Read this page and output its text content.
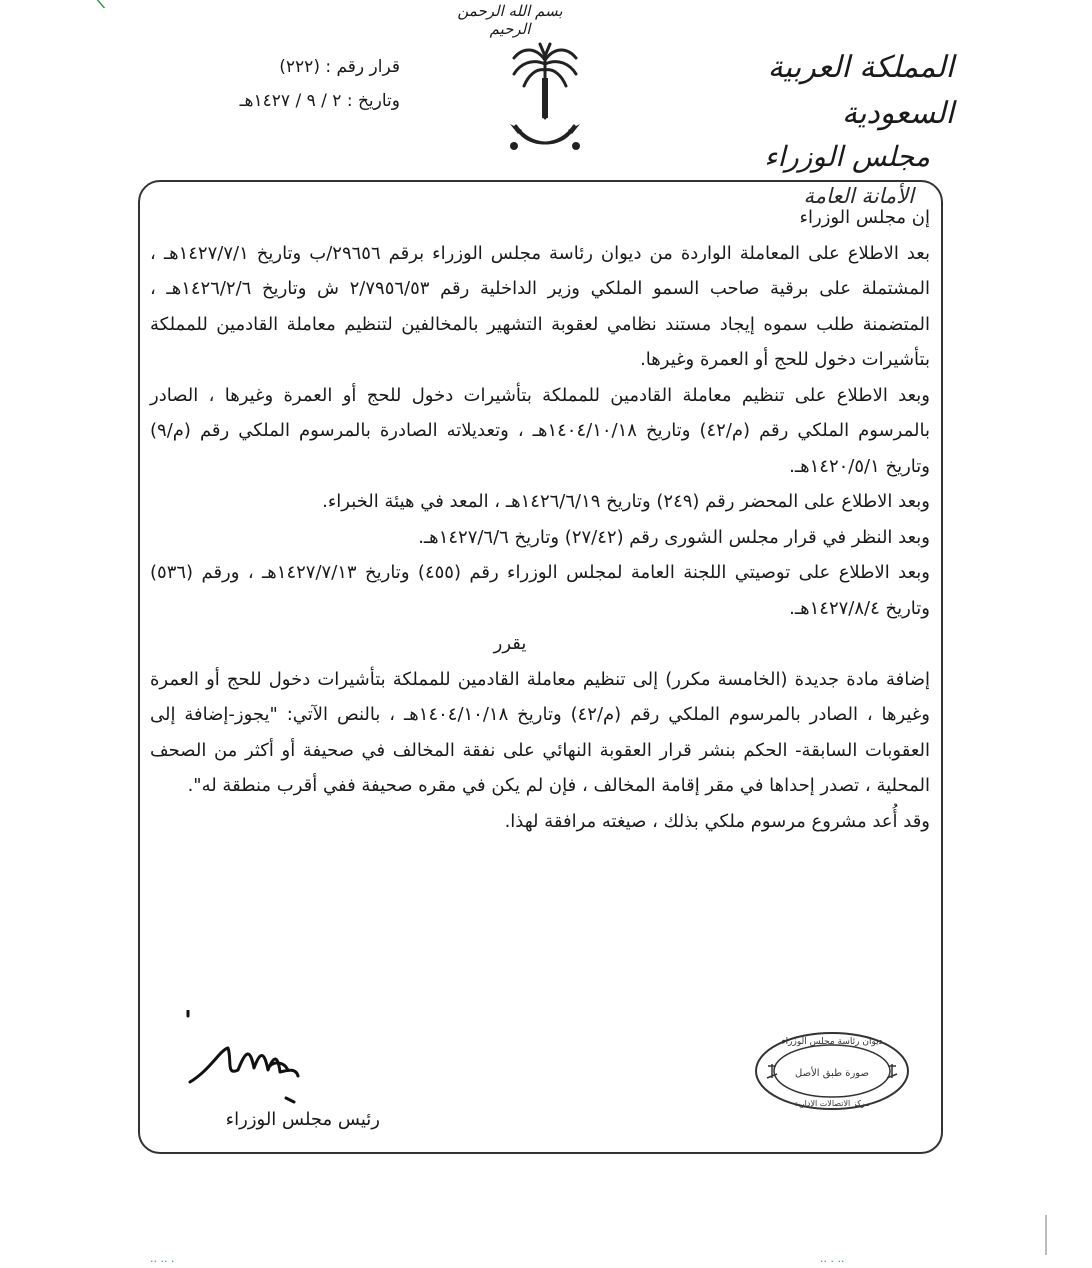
بسم الله الرحمن الرحيم
المملكة العربية السعودية
مجلس الوزراء
الأمانة العامة
قرار رقم : (٢٢٢)
وتاريخ : ٢ / ٩ / ١٤٢٧هـ

إن مجلس الوزراء

بعد الاطلاع على المعاملة الواردة من ديوان رئاسة مجلس الوزراء برقم ٢٩٦٥٦/ب وتاريخ ١٤٢٧/٧/١هـ ، المشتملة على برقية صاحب السمو الملكي وزير الداخلية رقم ٢/٧٩٥٦/٥٣ ش وتاريخ ١٤٢٦/٢/٦هـ ، المتضمنة طلب سموه إيجاد مستند نظامي لعقوبة التشهير بالمخالفين لتنظيم معاملة القادمين للمملكة بتأشيرات دخول للحج أو العمرة وغيرها.

وبعد الاطلاع على تنظيم معاملة القادمين للمملكة بتأشيرات دخول للحج أو العمرة وغيرها ، الصادر بالمرسوم الملكي رقم (م/٤٢) وتاريخ ١٤٠٤/١٠/١٨هـ ، وتعديلاته الصادرة بالمرسوم الملكي رقم (م/٩) وتاريخ ١٤٢٠/٥/١هـ.

وبعد الاطلاع على المحضر رقم (٢٤٩) وتاريخ ١٤٢٦/٦/١٩هـ ، المعد في هيئة الخبراء.

وبعد النظر في قرار مجلس الشورى رقم (٢٧/٤٢) وتاريخ ١٤٢٧/٦/٦هـ.

وبعد الاطلاع على توصيتي اللجنة العامة لمجلس الوزراء رقم (٤٥٥) وتاريخ ١٤٢٧/٧/١٣هـ ، ورقم (٥٣٦) وتاريخ ١٤٢٧/٨/٤هـ.

يقرر

إضافة مادة جديدة (الخامسة مكرر) إلى تنظيم معاملة القادمين للمملكة بتأشيرات دخول للحج أو العمرة وغيرها ، الصادر بالمرسوم الملكي رقم (م/٤٢) وتاريخ ١٤٠٤/١٠/١٨هـ ، بالنص الآتي: "يجوز-إضافة إلى العقوبات السابقة- الحكم بنشر قرار العقوبة النهائي على نفقة المخالف في صحيفة أو أكثر من الصحف المحلية ، تصدر إحداها في مقر إقامة المخالف ، فإن لم يكن في مقره صحيفة ففي أقرب منطقة له".

وقد أُعد مشروع مرسوم ملكي بذلك ، صيغته مرافقة لهذا.

رئيس مجلس الوزراء
ديوان رئاسة مجلس الوزراء
صورة طبق الأصل
مركز الاتصالات الإدارية
·· ·· ·	·· · ··
